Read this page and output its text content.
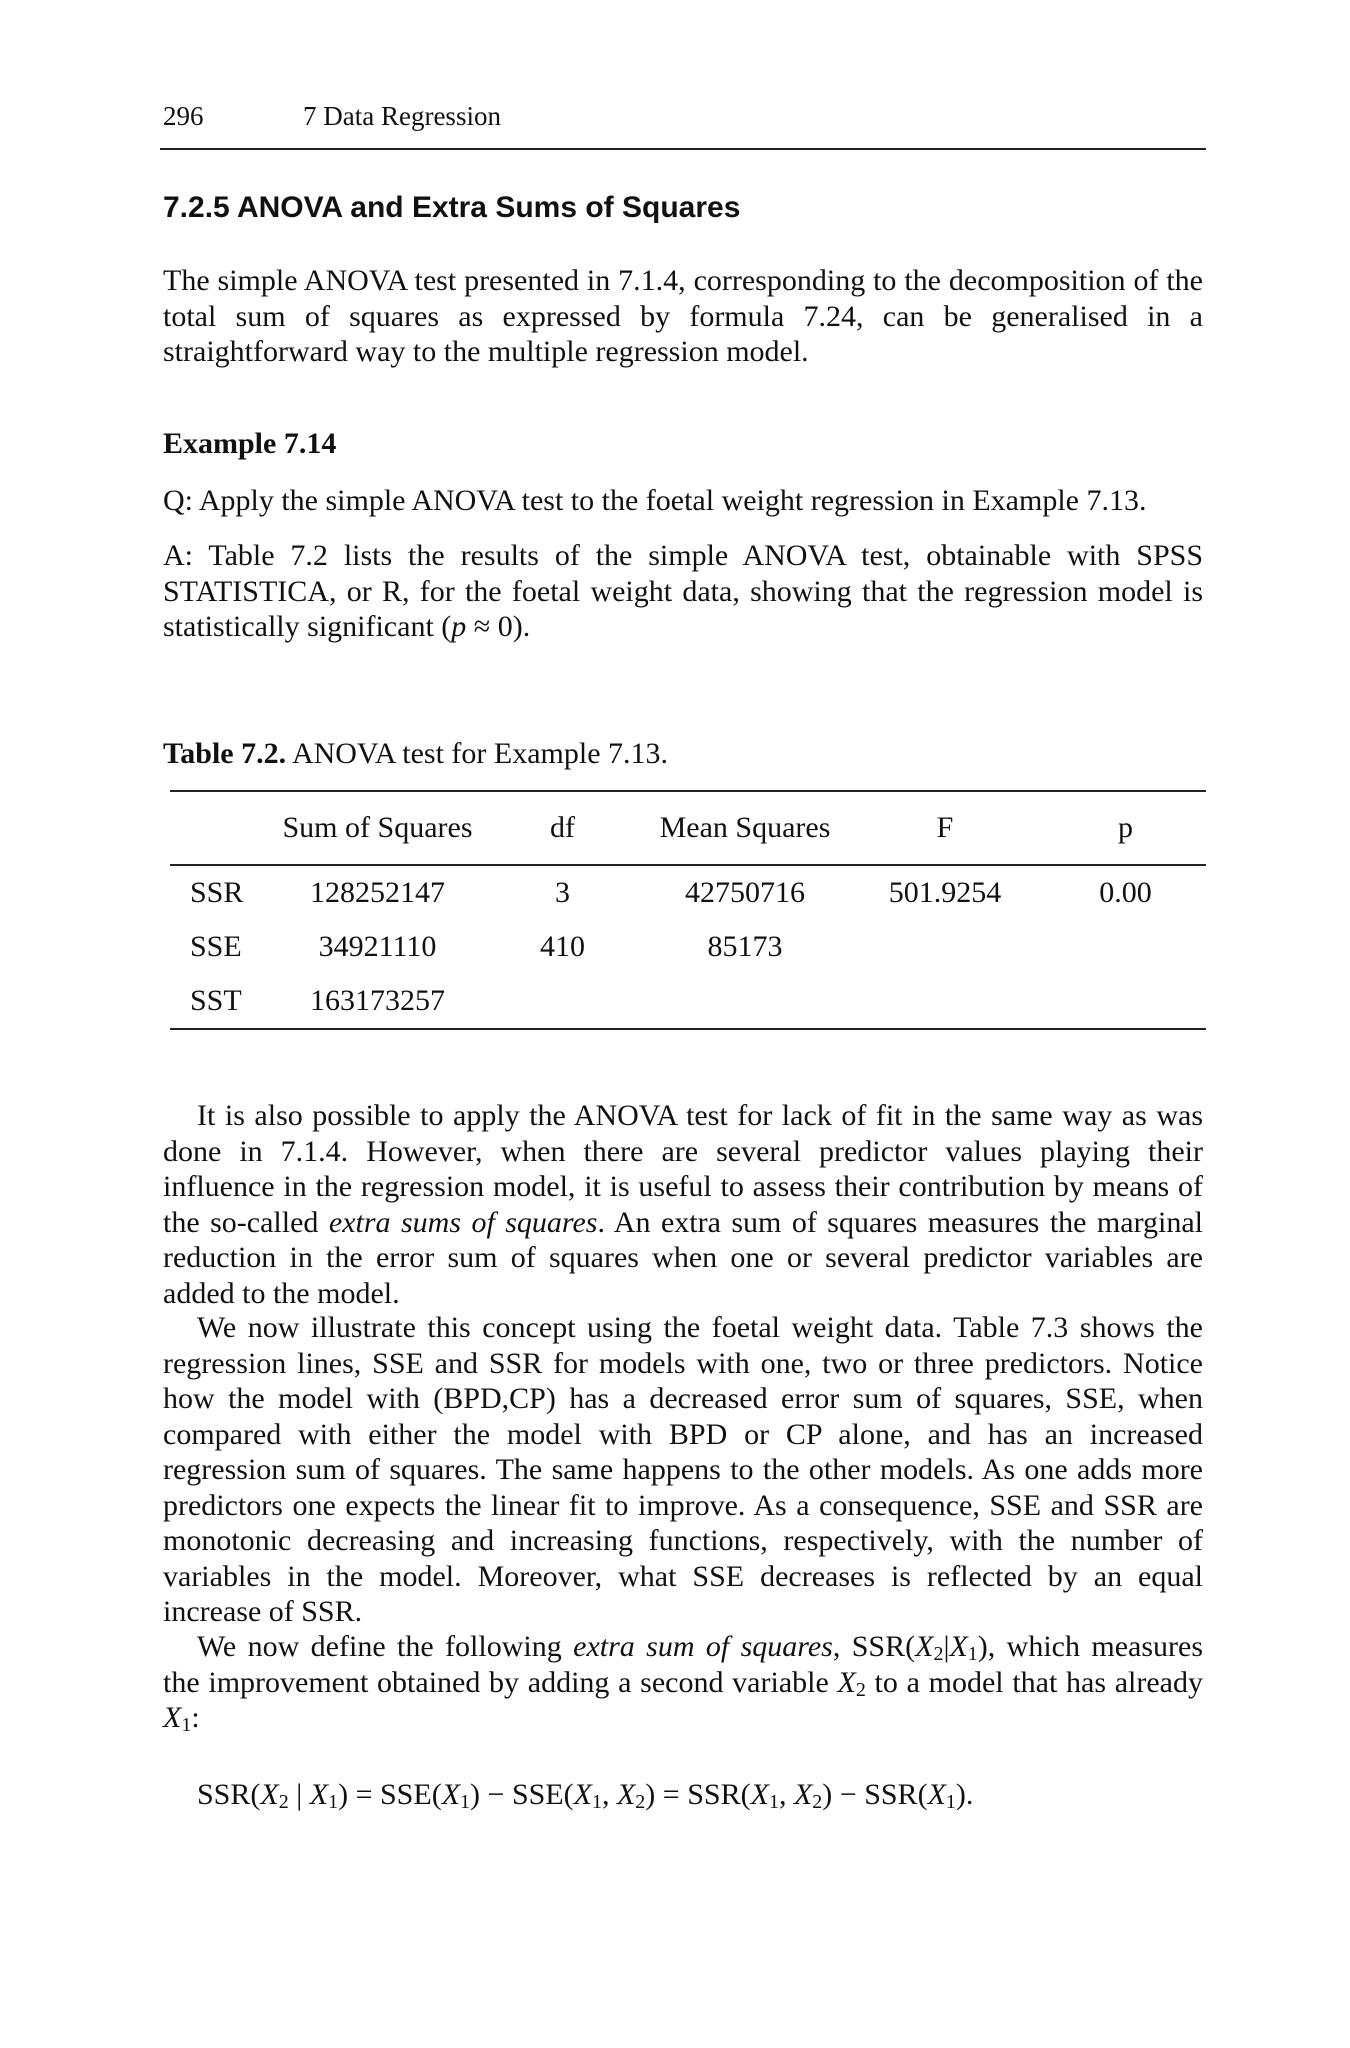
296	7 Data Regression
7.2.5 ANOVA and Extra Sums of Squares

The simple ANOVA test presented in 7.1.4, corresponding to the decomposition of the total sum of squares as expressed by formula 7.24, can be generalised in a straightforward way to the multiple regression model.

Example 7.14

Q: Apply the simple ANOVA test to the foetal weight regression in Example 7.13.

A: Table 7.2 lists the results of the simple ANOVA test, obtainable with SPSS STATISTICA, or R, for the foetal weight data, showing that the regression model is statistically significant (p ≈ 0).

Table 7.2. ANOVA test for Example 7.13.

	Sum of Squares	df	Mean Squares	F	p
SSR	128252147	3	42750716	501.9254	0.00
SSE	34921110	410	85173		
SST	163173257				

It is also possible to apply the ANOVA test for lack of fit in the same way as was done in 7.1.4. However, when there are several predictor values playing their influence in the regression model, it is useful to assess their contribution by means of the so-called extra sums of squares. An extra sum of squares measures the marginal reduction in the error sum of squares when one or several predictor variables are added to the model.

We now illustrate this concept using the foetal weight data. Table 7.3 shows the regression lines, SSE and SSR for models with one, two or three predictors. Notice how the model with (BPD,CP) has a decreased error sum of squares, SSE, when compared with either the model with BPD or CP alone, and has an increased regression sum of squares. The same happens to the other models. As one adds more predictors one expects the linear fit to improve. As a consequence, SSE and SSR are monotonic decreasing and increasing functions, respectively, with the number of variables in the model. Moreover, what SSE decreases is reflected by an equal increase of SSR.

We now define the following extra sum of squares, $SSR(X_2|X_1)$, which measures the improvement obtained by adding a second variable $X_2$ to a model that has already $X_1$:

$SSR(X_2$ | $X_1) = SSE(X_1) - SSE(X_1$, $X_2) = SSR(X_1$, $X_2) - SSR(X_1)$.
